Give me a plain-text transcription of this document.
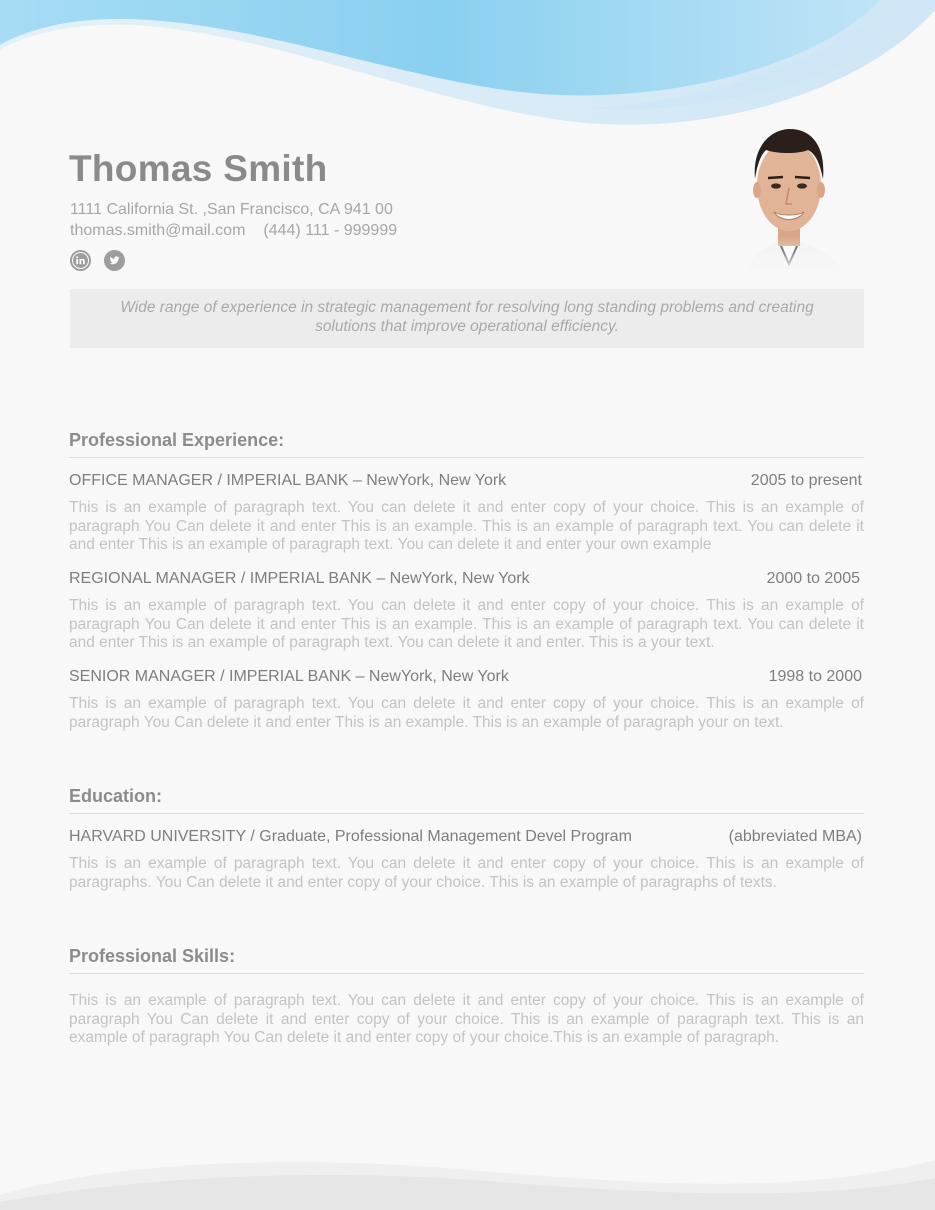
Thomas Smith
1111 California St. ,San Francisco, CA 941 00
thomas.smith@mail.com (444) 111 - 999999
Wide range of experience in strategic management for resolving long standing problems and creating solutions that improve operational efficiency.
Professional Experience:
OFFICE MANAGER / IMPERIAL BANK – NewYork, New York	2005 to present

This is an example of paragraph text. You can delete it and enter copy of your choice. This is an example of paragraph You Can delete it and enter This is an example. This is an example of paragraph text. You can delete it and enter This is an example of paragraph text. You can delete it and enter your own example

REGIONAL MANAGER / IMPERIAL BANK – NewYork, New York	2000 to 2005

This is an example of paragraph text. You can delete it and enter copy of your choice. This is an example of paragraph You Can delete it and enter This is an example. This is an example of paragraph text. You can delete it and enter This is an example of paragraph text. You can delete it and enter. This is a your text.

SENIOR MANAGER / IMPERIAL BANK – NewYork, New York	1998 to 2000

This is an example of paragraph text. You can delete it and enter copy of your choice. This is an example of paragraph You Can delete it and enter This is an example. This is an example of paragraph your on text.

Education:
HARVARD UNIVERSITY / Graduate, Professional Management Devel Program	(abbreviated MBA)

This is an example of paragraph text. You can delete it and enter copy of your choice. This is an example of paragraphs. You Can delete it and enter copy of your choice. This is an example of paragraphs of texts.

Professional Skills:

This is an example of paragraph text. You can delete it and enter copy of your choice. This is an example of paragraph You Can delete it and enter copy of your choice. This is an example of paragraph text. This is an example of paragraph You Can delete it and enter copy of your choice.This is an example of paragraph.
